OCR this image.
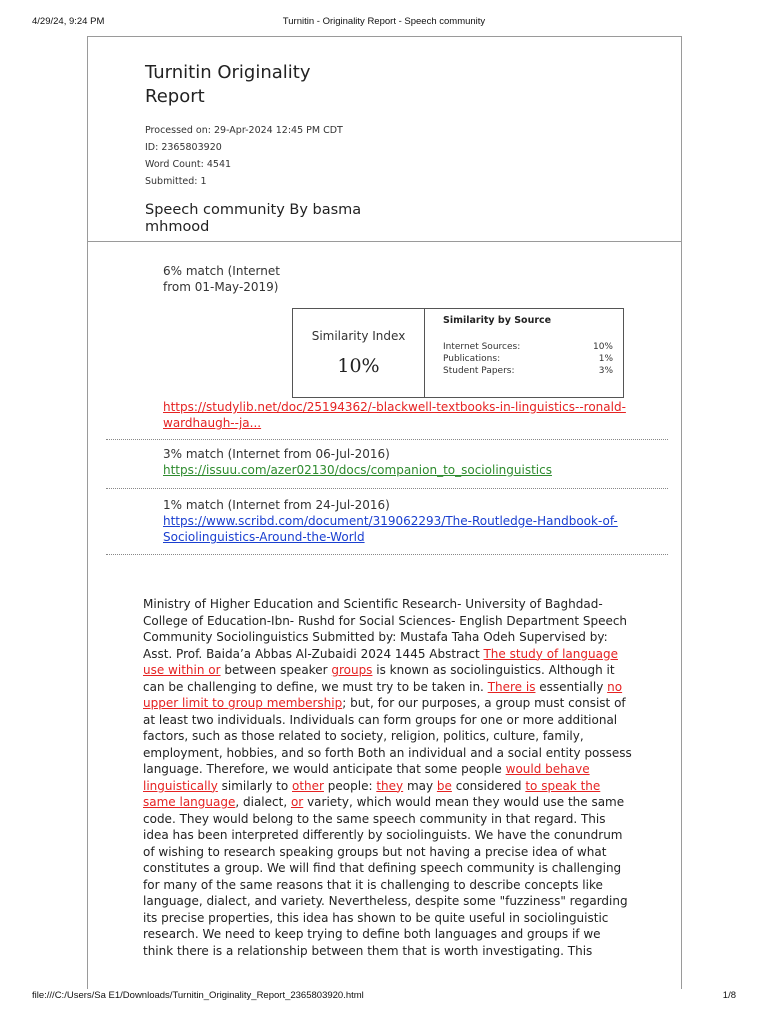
4/29/24, 9:24 PM	Turnitin - Originality Report - Speech community
Turnitin Originality
Report
Processed on: 29-Apr-2024 12:45 PM CDT
ID: 2365803920
Word Count: 4541
Submitted: 1
Speech community By basma
mhmood
6% match (Internet
from 01-May-2019)
Similarity Index
10%
Similarity by Source
Internet Sources:	10%
Publications:	1%
Student Papers:	3%
https://studylib.net/doc/25194362/-blackwell-textbooks-in-linguistics--ronald-
wardhaugh--ja...
3% match (Internet from 06-Jul-2016)
https://issuu.com/azer02130/docs/companion_to_sociolinguistics
1% match (Internet from 24-Jul-2016)
https://www.scribd.com/document/319062293/The-Routledge-Handbook-of-
Sociolinguistics-Around-the-World
Ministry of Higher Education and Scientific Research- University of Baghdad- College of Education-Ibn- Rushd for Social Sciences- English Department Speech Community Sociolinguistics Submitted by: Mustafa Taha Odeh Supervised by: Asst. Prof. Baida’a Abbas Al-Zubaidi 2024 1445 Abstract The study of language use within or between speaker groups is known as sociolinguistics. Although it can be challenging to define, we must try to be taken in. There is essentially no upper limit to group membership; but, for our purposes, a group must consist of at least two individuals. Individuals can form groups for one or more additional factors, such as those related to society, religion, politics, culture, family, employment, hobbies, and so forth Both an individual and a social entity possess language. Therefore, we would anticipate that some people would behave linguistically similarly to other people: they may be considered to speak the same language, dialect, or variety, which would mean they would use the same code. They would belong to the same speech community in that regard. This idea has been interpreted differently by sociolinguists. We have the conundrum of wishing to research speaking groups but not having a precise idea of what constitutes a group. We will find that defining speech community is challenging for many of the same reasons that it is challenging to describe concepts like language, dialect, and variety. Nevertheless, despite some "fuzziness" regarding its precise properties, this idea has shown to be quite useful in sociolinguistic research. We need to keep trying to define both languages and groups if we think there is a relationship between them that is worth investigating. This
file:///C:/Users/Sa E1/Downloads/Turnitin_Originality_Report_2365803920.html	1/8
